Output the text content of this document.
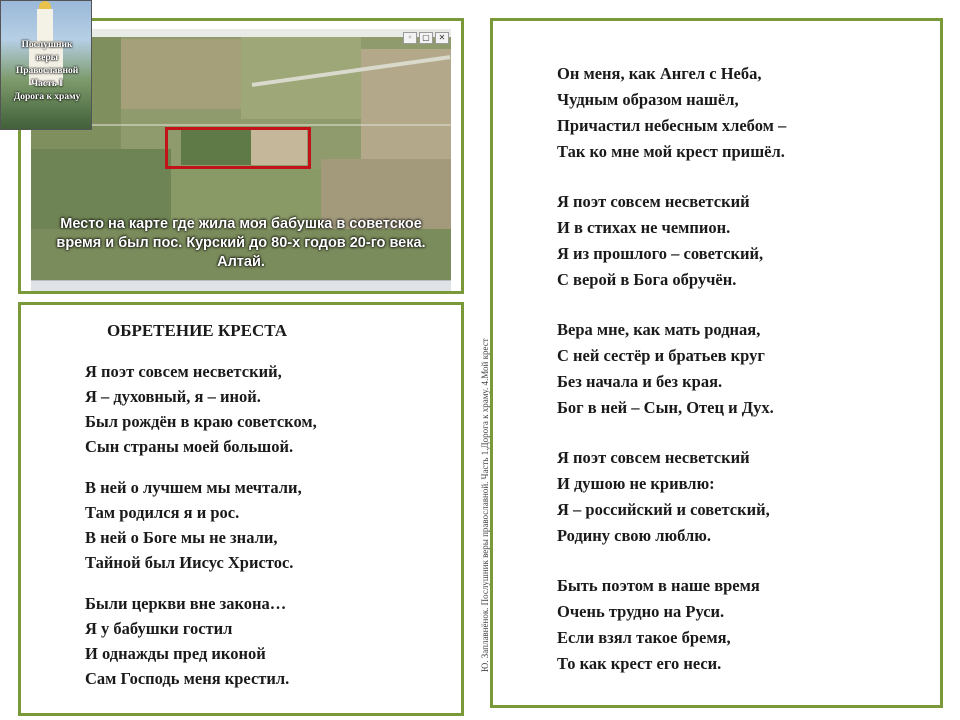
◦	▢	✕
Место на карте где жила моя бабушка в советское
время и был пос. Курский до 80-х годов 20-го века.
Алтай.
Послушник
веры
Православной
Часть I
Дорога к храму
ОБРЕТЕНИЕ КРЕСТА
Я поэт совсем несветский,
Я – духовный, я – иной.
Был рождён в краю советском,
Сын страны моей большой.
В ней о лучшем мы мечтали,
Там родился я и рос.
В ней о Боге мы не знали,
Тайной был Иисус Христос.
Были церкви вне закона…
Я у бабушки гостил
И однажды пред иконой
Сам Господь меня крестил.
Ю. Заплавнёнок. Послушник веры православной. Часть 1.Дорога к храму. 4.Мой крест
Он меня, как Ангел с Неба,
Чудным образом нашёл,
Причастил небесным хлебом –
Так ко мне мой крест пришёл.
Я поэт совсем несветский
И в стихах не чемпион.
Я из прошлого – советский,
С верой в Бога обручён.
Вера мне, как мать родная,
С ней сестёр и братьев круг
Без начала и без края.
Бог в ней – Сын, Отец и Дух.
Я поэт совсем несветский
И душою не кривлю:
Я – российский и советский,
Родину свою люблю.
Быть поэтом в наше время
Очень трудно на Руси.
Если взял такое бремя,
То как крест его неси.
